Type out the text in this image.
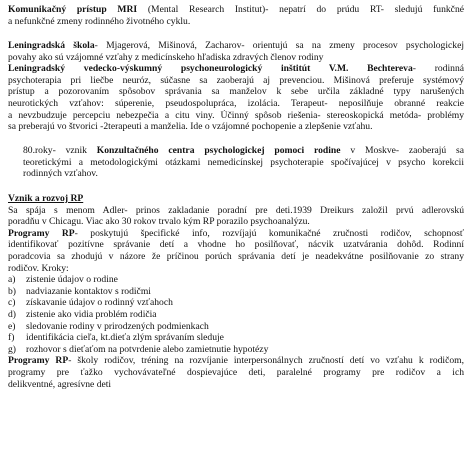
Komunikačný prístup MRI (Mental Research Institut)- nepatrí do prúdu RT- sledujú funkčné
a nefunkčné zmeny rodinného životného cyklu.
Leningradská škola- Mjagerová, Mišinová, Zacharov- orientujú sa na zmeny procesov psychologickej
povahy ako sú vzájomné vzťahy z medicínskeho hľadiska zdravých členov rodiny
Leningradský vedecko-výskumný psychoneurologický inštitút V.M. Bechtereva- rodinná
psychoterapia pri liečbe neuróz, súčasne sa zaoberajú aj prevenciou. Mišinová preferuje systémový
prístup a pozorovaním spôsobov správania sa manželov k sebe určila základné typy narušených
neurotických vzťahov: súperenie, pseudospolupráca, izolácia. Terapeut- neposilňuje obranné reakcie
a nevzbudzuje percepciu nebezpečia a citu viny. Účinný spôsob riešenia- stereoskopická metóda- problémy
sa preberajú vo štvorici -2terapeuti a manželia. Ide o vzájomné pochopenie a zlepšenie vzťahu.
80.roky- vznik Konzultačného centra psychologickej pomoci rodine v Moskve- zaoberajú sa
teoretickými a metodologickými otázkami nemedicínskej psychoterapie spočívajúcej v psycho korekcii
rodinných vzťahov.
Vznik a rozvoj RP
Sa spája s menom Adler- prinos zakladanie poradní pre deti.1939 Dreikurs založil prvú adlerovskú
poradňu v Chicagu. Viac ako 30 rokov trvalo kým RP porazilo psychoanalýzu.
Programy RP- poskytujú špecifické info, rozvíjajú komunikačné zručnosti rodičov, schopnosť
identifikovať pozitívne správanie detí a vhodne ho posilňovať, nácvik uzatvárania dohôd. Rodinní
poradcovia sa zhodujú v názore že príčinou porúch správania detí je neadekvátne posilňovanie zo strany
rodičov. Kroky:
a) zistenie údajov o rodine
b) nadviazanie kontaktov s rodičmi
c) získavanie údajov o rodinný vzťahoch
d) zistenie ako vidia problém rodičia
e) sledovanie rodiny v prirodzených podmienkach
f) identifikácia cieľa, kt.dieťa zlým správaním sleduje
g) rozhovor s dieťaťom na potvrdenie alebo zamietnutie hypotézy
Programy RP- školy rodičov, tréning na rozvíjanie interpersonálnych zručností detí vo vzťahu k rodičom,
programy pre ťažko vychovávateľné dospievajúce deti, paralelné programy pre rodičov a ich
delikventné, agresívne deti
